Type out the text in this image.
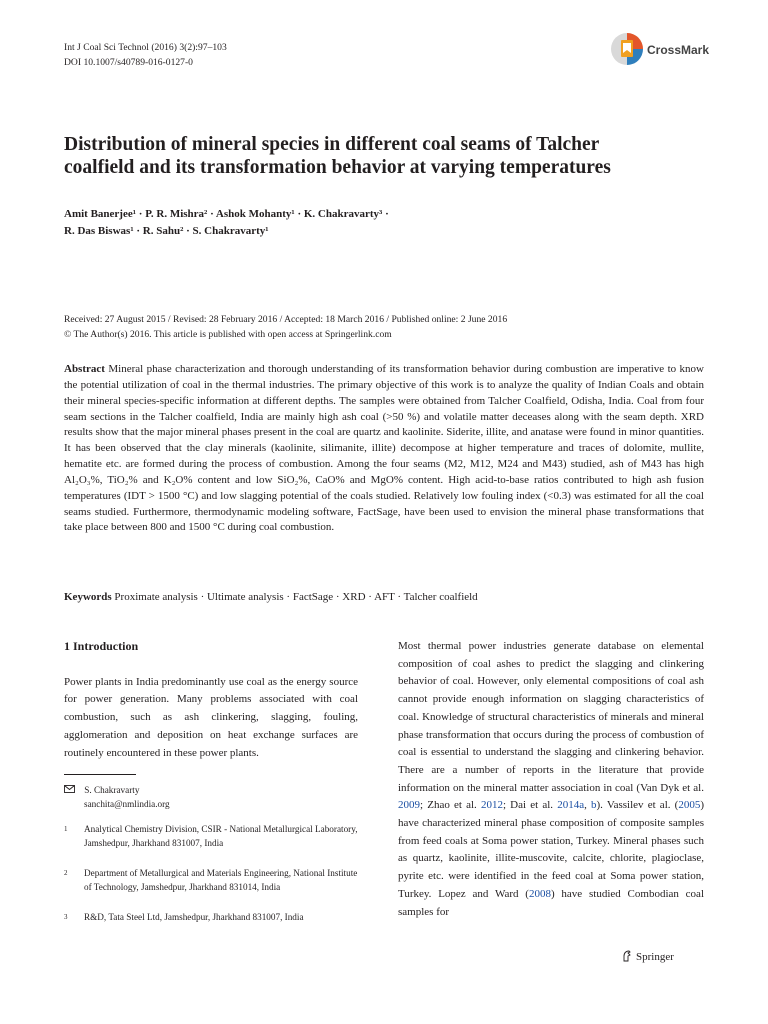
Int J Coal Sci Technol (2016) 3(2):97–103
DOI 10.1007/s40789-016-0127-0
CrossMark
Distribution of mineral species in different coal seams of Talcher
coalfield and its transformation behavior at varying temperatures
Amit Banerjee¹ · P. R. Mishra² · Ashok Mohanty¹ · K. Chakravarty³ ·
R. Das Biswas¹ · R. Sahu² · S. Chakravarty¹
Received: 27 August 2015 / Revised: 28 February 2016 / Accepted: 18 March 2016 / Published online: 2 June 2016
© The Author(s) 2016. This article is published with open access at Springerlink.com
Abstract Mineral phase characterization and thorough understanding of its transformation behavior during combustion are imperative to know the potential utilization of coal in the thermal industries. The primary objective of this work is to analyze the quality of Indian Coals and obtain their mineral species-specific information at different depths. The samples were obtained from Talcher Coalfield, Odisha, India. Coal from four seam sections in the Talcher coalfield, India are mainly high ash coal (>50 %) and volatile matter deceases along with the seam depth. XRD results show that the major mineral phases present in the coal are quartz and kaolinite. Siderite, illite, and anatase were found in minor quantities. It has been observed that the clay minerals (kaolinite, silimanite, illite) decompose at higher temperature and traces of dolomite, mullite, hematite etc. are formed during the process of combustion. Among the four seams (M2, M12, M24 and M43) studied, ash of M43 has high Al₂O₃%, TiO₂% and K₂O% content and low SiO₂%, CaO% and MgO% content. High acid-to-base ratios contributed to high ash fusion temperatures (IDT > 1500 °C) and low slagging potential of the coals studied. Relatively low fouling index (<0.3) was estimated for all the coal seams studied. Furthermore, thermodynamic modeling software, FactSage, have been used to envision the mineral phase transformations that take place between 800 and 1500 °C during coal combustion.
Keywords Proximate analysis · Ultimate analysis · FactSage · XRD · AFT · Talcher coalfield
1 Introduction

Power plants in India predominantly use coal as the energy source for power generation. Many problems associated with coal combustion, such as ash clinkering, slagging, fouling, agglomeration and deposition on heat exchange surfaces are routinely encountered in these power plants.

S. Chakravarty
sanchita@nmlindia.org
1 Analytical Chemistry Division, CSIR - National Metallurgical Laboratory, Jamshedpur, Jharkhand 831007, India
2 Department of Metallurgical and Materials Engineering, National Institute of Technology, Jamshedpur, Jharkhand 831014, India
3 R&D, Tata Steel Ltd, Jamshedpur, Jharkhand 831007, India
Most thermal power industries generate database on elemental composition of coal ashes to predict the slagging and clinkering behavior of coal. However, only elemental compositions of coal ash cannot provide enough information on slagging characteristics of coal. Knowledge of structural characteristics of minerals and mineral phase transformation that occurs during the process of combustion of coal is essential to understand the slagging and clinkering behavior. There are a number of reports in the literature that provide information on the mineral matter association in coal (Van Dyk et al. 2009; Zhao et al. 2012; Dai et al. 2014a, b). Vassilev et al. (2005) have characterized mineral phase composition of composite samples from feed coals at Soma power station, Turkey. Mineral phases such as quartz, kaolinite, illite-muscovite, calcite, chlorite, plagioclase, pyrite etc. were identified in the feed coal at Soma power station, Turkey. Lopez and Ward (2008) have studied Combodian coal samples for
Springer
